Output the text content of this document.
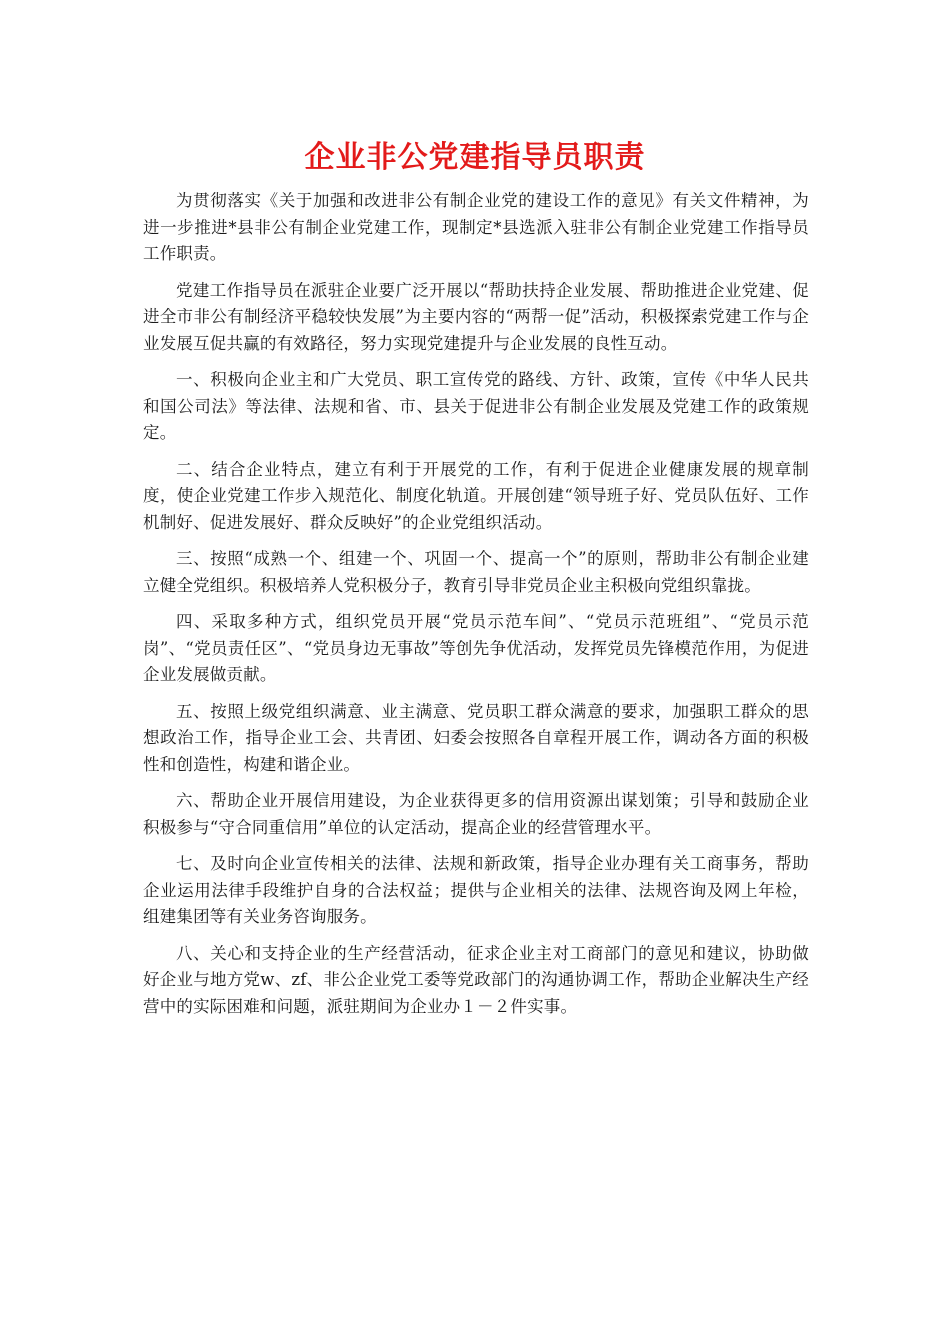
企业非公党建指导员职责

为贯彻落实《关于加强和改进非公有制企业党的建设工作的意见》有关文件精神，为进一步推进*县非公有制企业党建工作，现制定*县选派入驻非公有制企业党建工作指导员工作职责。

党建工作指导员在派驻企业要广泛开展以“帮助扶持企业发展、帮助推进企业党建、促进全市非公有制经济平稳较快发展”为主要内容的“两帮一促”活动，积极探索党建工作与企业发展互促共赢的有效路径，努力实现党建提升与企业发展的良性互动。

一、积极向企业主和广大党员、职工宣传党的路线、方针、政策，宣传《中华人民共和国公司法》等法律、法规和省、市、县关于促进非公有制企业发展及党建工作的政策规定。

二、结合企业特点，建立有利于开展党的工作，有利于促进企业健康发展的规章制度，使企业党建工作步入规范化、制度化轨道。开展创建“领导班子好、党员队伍好、工作机制好、促进发展好、群众反映好”的企业党组织活动。

三、按照“成熟一个、组建一个、巩固一个、提高一个”的原则，帮助非公有制企业建立健全党组织。积极培养人党积极分子，教育引导非党员企业主积极向党组织靠拢。

四、采取多种方式，组织党员开展“党员示范车间”、“党员示范班组”、“党员示范岗”、“党员责任区”、“党员身边无事故”等创先争优活动，发挥党员先锋模范作用，为促进企业发展做贡献。

五、按照上级党组织满意、业主满意、党员职工群众满意的要求，加强职工群众的思想政治工作，指导企业工会、共青团、妇委会按照各自章程开展工作，调动各方面的积极性和创造性，构建和谐企业。

六、帮助企业开展信用建设，为企业获得更多的信用资源出谋划策；引导和鼓励企业积极参与“守合同重信用”单位的认定活动，提高企业的经营管理水平。

七、及时向企业宣传相关的法律、法规和新政策，指导企业办理有关工商事务，帮助企业运用法律手段维护自身的合法权益；提供与企业相关的法律、法规咨询及网上年检，组建集团等有关业务咨询服务。

八、关心和支持企业的生产经营活动，征求企业主对工商部门的意见和建议，协助做好企业与地方党w、zf、非公企业党工委等党政部门的沟通协调工作，帮助企业解决生产经营中的实际困难和问题，派驻期间为企业办１－２件实事。
